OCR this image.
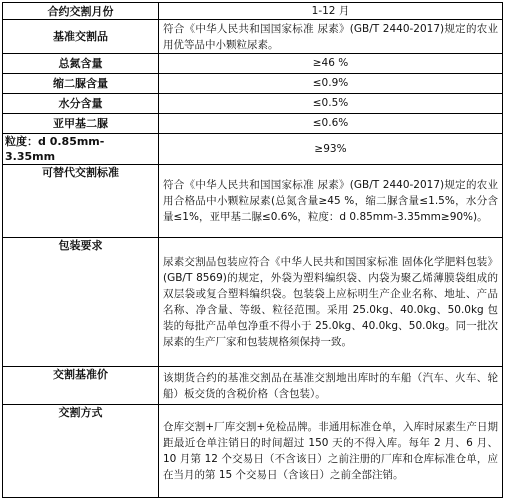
合约交割月份	1-12 月
基准交割品	符合《中华人民共和国国家标准 尿素》(GB/T 2440-2017)规定的农业用优等品中小颗粒尿素。
总氮含量	≥46 %
缩二脲含量	≤0.9%
水分含量	≤0.5%
亚甲基二脲	≤0.6%
粒度：d 0.85mm-3.35mm	≥93%
可替代交割标准	符合《中华人民共和国国家标准 尿素》(GB/T 2440-2017)规定的农业用合格品中小颗粒尿素(总氮含量≥45 %，缩二脲含量≤1.5%，水分含量≤1%，亚甲基二脲≤0.6%，粒度：d 0.85mm-3.35mm≥90%)。
包装要求	尿素交割品包装应符合《中华人民共和国国家标准 固体化学肥料包装》(GB/T 8569)的规定，外袋为塑料编织袋、内袋为聚乙烯薄膜袋组成的双层袋或复合塑料编织袋。包装袋上应标明生产企业名称、地址、产品名称、净含量、等级、粒径范围。采用 25.0kg、40.0kg、50.0kg 包装的每批产品单包净重不得小于 25.0kg、40.0kg、50.0kg。同一批次尿素的生产厂家和包装规格须保持一致。
交割基准价	该期货合约的基准交割品在基准交割地出库时的车船（汽车、火车、轮船）板交货的含税价格（含包装）。
交割方式	仓库交割+厂库交割+免检品牌。非通用标准仓单，入库时尿素生产日期距最近仓单注销日的时间超过 150 天的不得入库。每年 2 月、6 月、10 月第 12 个交易日（不含该日）之前注册的厂库和仓库标准仓单，应在当月的第 15 个交易日（含该日）之前全部注销。
